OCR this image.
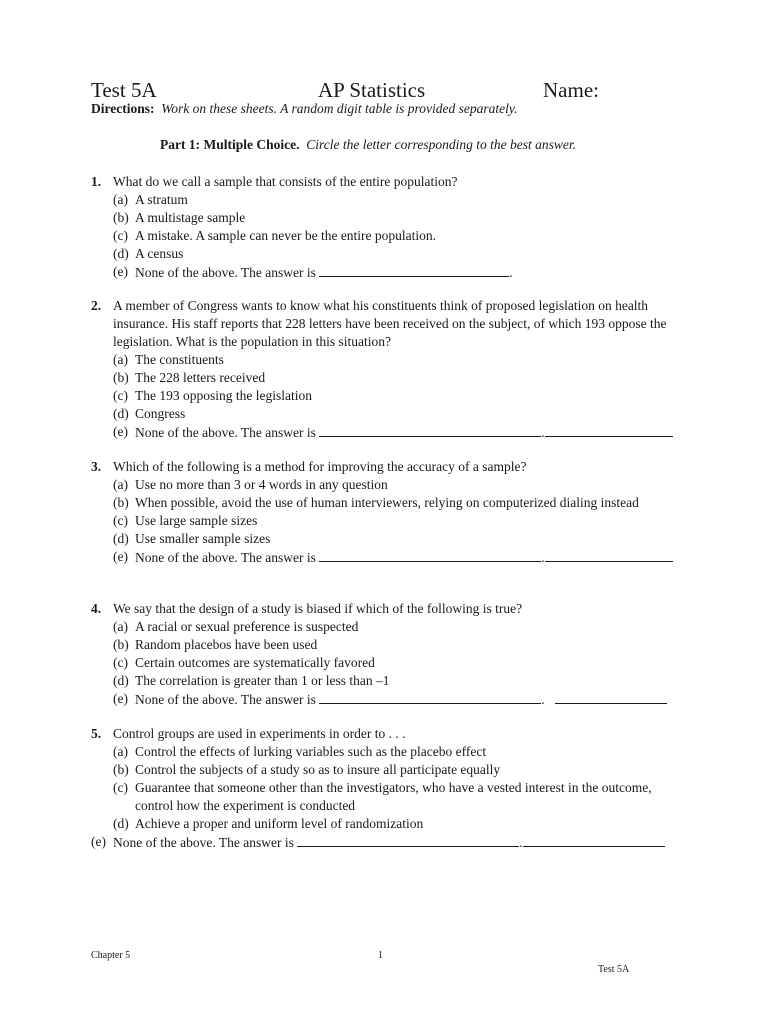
Test 5A	AP Statistics	Name:
Directions: Work on these sheets. A random digit table is provided separately.
Part 1: Multiple Choice. Circle the letter corresponding to the best answer.
1. What do we call a sample that consists of the entire population?
(a) A stratum
(b) A multistage sample
(c) A mistake. A sample can never be the entire population.
(d) A census
(e) None of the above. The answer is	.
2. A member of Congress wants to know what his constituents think of proposed legislation on health insurance. His staff reports that 228 letters have been received on the subject, of which 193 oppose the legislation. What is the population in this situation?
(a) The constituents
(b) The 228 letters received
(c) The 193 opposing the legislation
(d) Congress
(e) None of the above. The answer is	.
3. Which of the following is a method for improving the accuracy of a sample?
(a) Use no more than 3 or 4 words in any question
(b) When possible, avoid the use of human interviewers, relying on computerized dialing instead
(c) Use large sample sizes
(d) Use smaller sample sizes
(e) None of the above. The answer is	.
4. We say that the design of a study is biased if which of the following is true?
(a) A racial or sexual preference is suspected
(b) Random placebos have been used
(c) Certain outcomes are systematically favored
(d) The correlation is greater than 1 or less than –1
(e) None of the above. The answer is	.
5. Control groups are used in experiments in order to . . .
(a) Control the effects of lurking variables such as the placebo effect
(b) Control the subjects of a study so as to insure all participate equally
(c) Guarantee that someone other than the investigators, who have a vested interest in the outcome, control how the experiment is conducted
(d) Achieve a proper and uniform level of randomization
(e) None of the above. The answer is	.
Chapter 5	1
Test 5A
